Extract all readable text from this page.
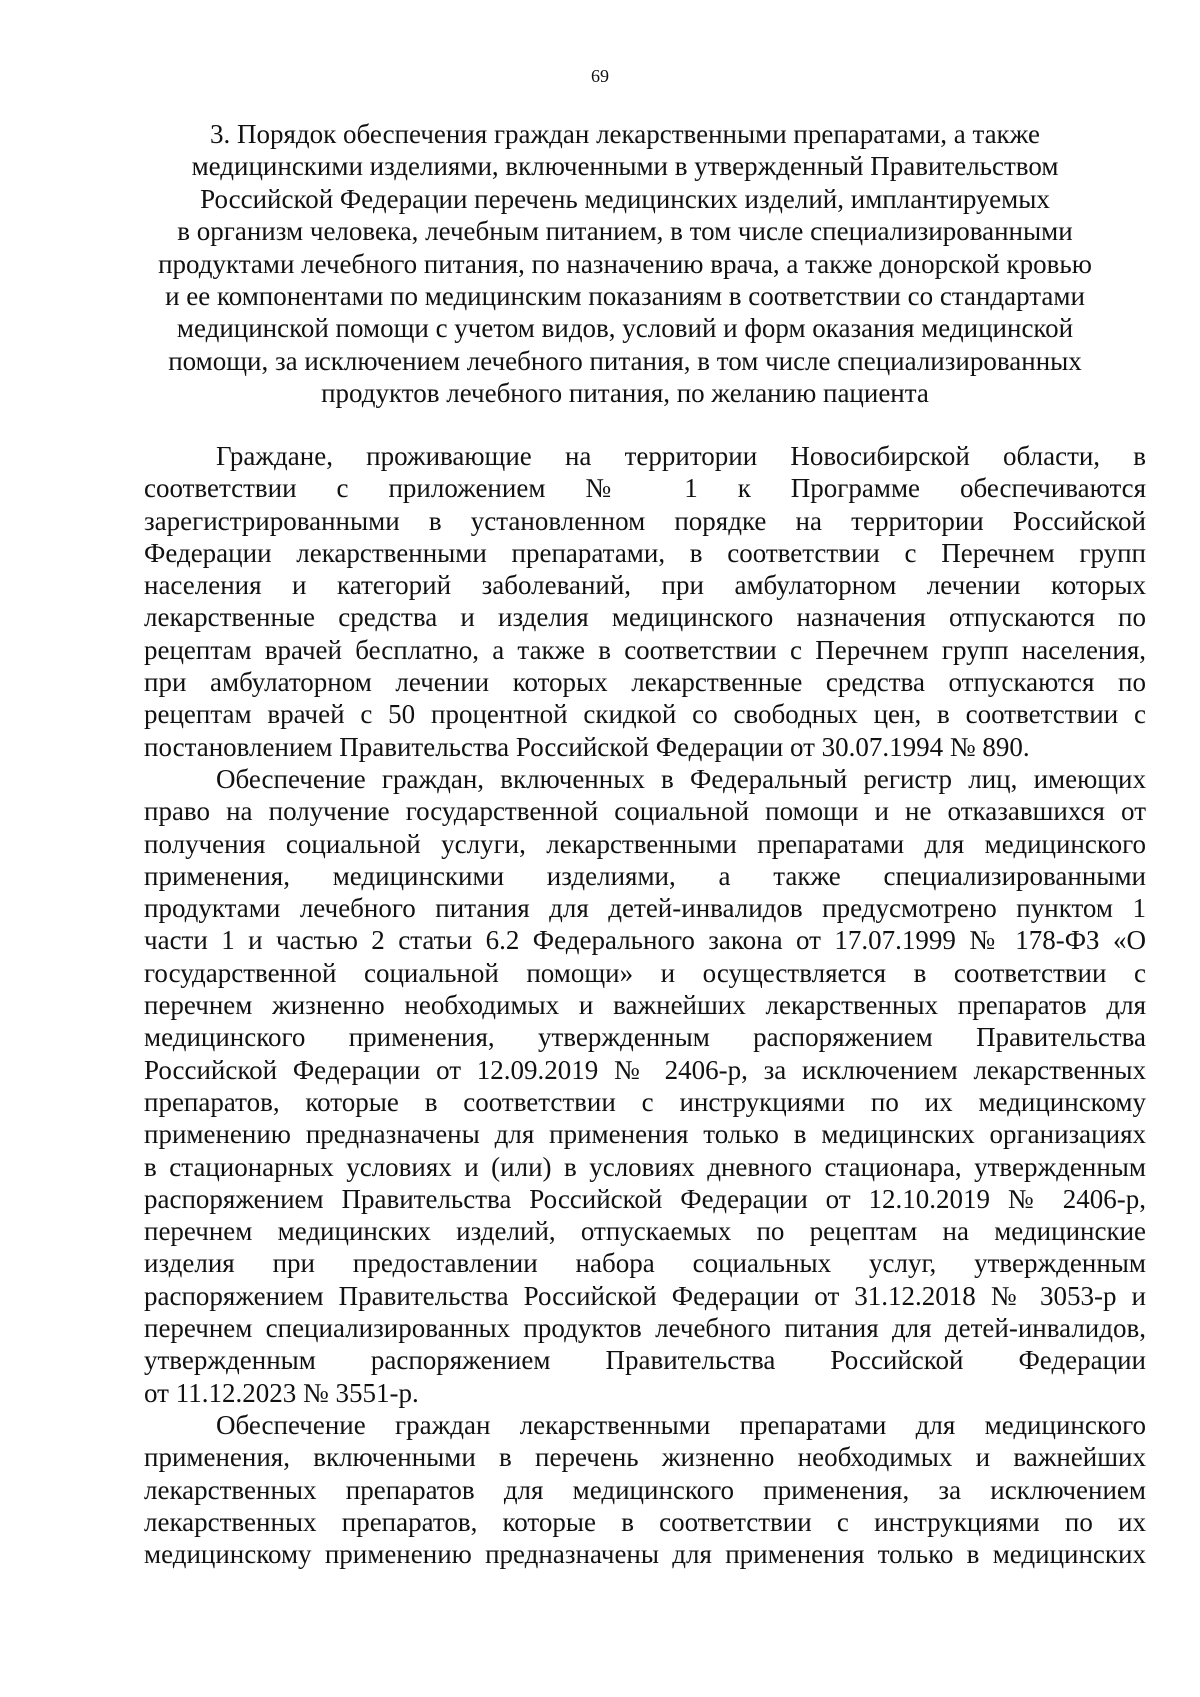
69
3. Порядок обеспечения граждан лекарственными препаратами, а также
медицинскими изделиями, включенными в утвержденный Правительством
Российской Федерации перечень медицинских изделий, имплантируемых
в организм человека, лечебным питанием, в том числе специализированными
продуктами лечебного питания, по назначению врача, а также донорской кровью
и ее компонентами по медицинским показаниям в соответствии со стандартами
медицинской помощи с учетом видов, условий и форм оказания медицинской
помощи, за исключением лечебного питания, в том числе специализированных
продуктов лечебного питания, по желанию пациента
Граждане, проживающие на территории Новосибирской области, в
соответствии с приложением № 1 к Программе обеспечиваются
зарегистрированными в установленном порядке на территории Российской
Федерации лекарственными препаратами, в соответствии с Перечнем групп
населения и категорий заболеваний, при амбулаторном лечении которых
лекарственные средства и изделия медицинского назначения отпускаются по
рецептам врачей бесплатно, а также в соответствии с Перечнем групп населения,
при амбулаторном лечении которых лекарственные средства отпускаются по
рецептам врачей с 50 процентной скидкой со свободных цен, в соответствии с
постановлением Правительства Российской Федерации от 30.07.1994 № 890.
Обеспечение граждан, включенных в Федеральный регистр лиц, имеющих
право на получение государственной социальной помощи и не отказавшихся от
получения социальной услуги, лекарственными препаратами для медицинского
применения, медицинскими изделиями, а также специализированными
продуктами лечебного питания для детей-инвалидов предусмотрено пунктом 1
части 1 и частью 2 статьи 6.2 Федерального закона от 17.07.1999 № 178-ФЗ «О
государственной социальной помощи» и осуществляется в соответствии с
перечнем жизненно необходимых и важнейших лекарственных препаратов для
медицинского применения, утвержденным распоряжением Правительства
Российской Федерации от 12.09.2019 № 2406-р, за исключением лекарственных
препаратов, которые в соответствии с инструкциями по их медицинскому
применению предназначены для применения только в медицинских организациях
в стационарных условиях и (или) в условиях дневного стационара, утвержденным
распоряжением Правительства Российской Федерации от 12.10.2019 № 2406-р,
перечнем медицинских изделий, отпускаемых по рецептам на медицинские
изделия при предоставлении набора социальных услуг, утвержденным
распоряжением Правительства Российской Федерации от 31.12.2018 № 3053-р и
перечнем специализированных продуктов лечебного питания для детей-инвалидов,
утвержденным распоряжением Правительства Российской Федерации
от 11.12.2023 № 3551-р.
Обеспечение граждан лекарственными препаратами для медицинского
применения, включенными в перечень жизненно необходимых и важнейших
лекарственных препаратов для медицинского применения, за исключением
лекарственных препаратов, которые в соответствии с инструкциями по их
медицинскому применению предназначены для применения только в медицинских
